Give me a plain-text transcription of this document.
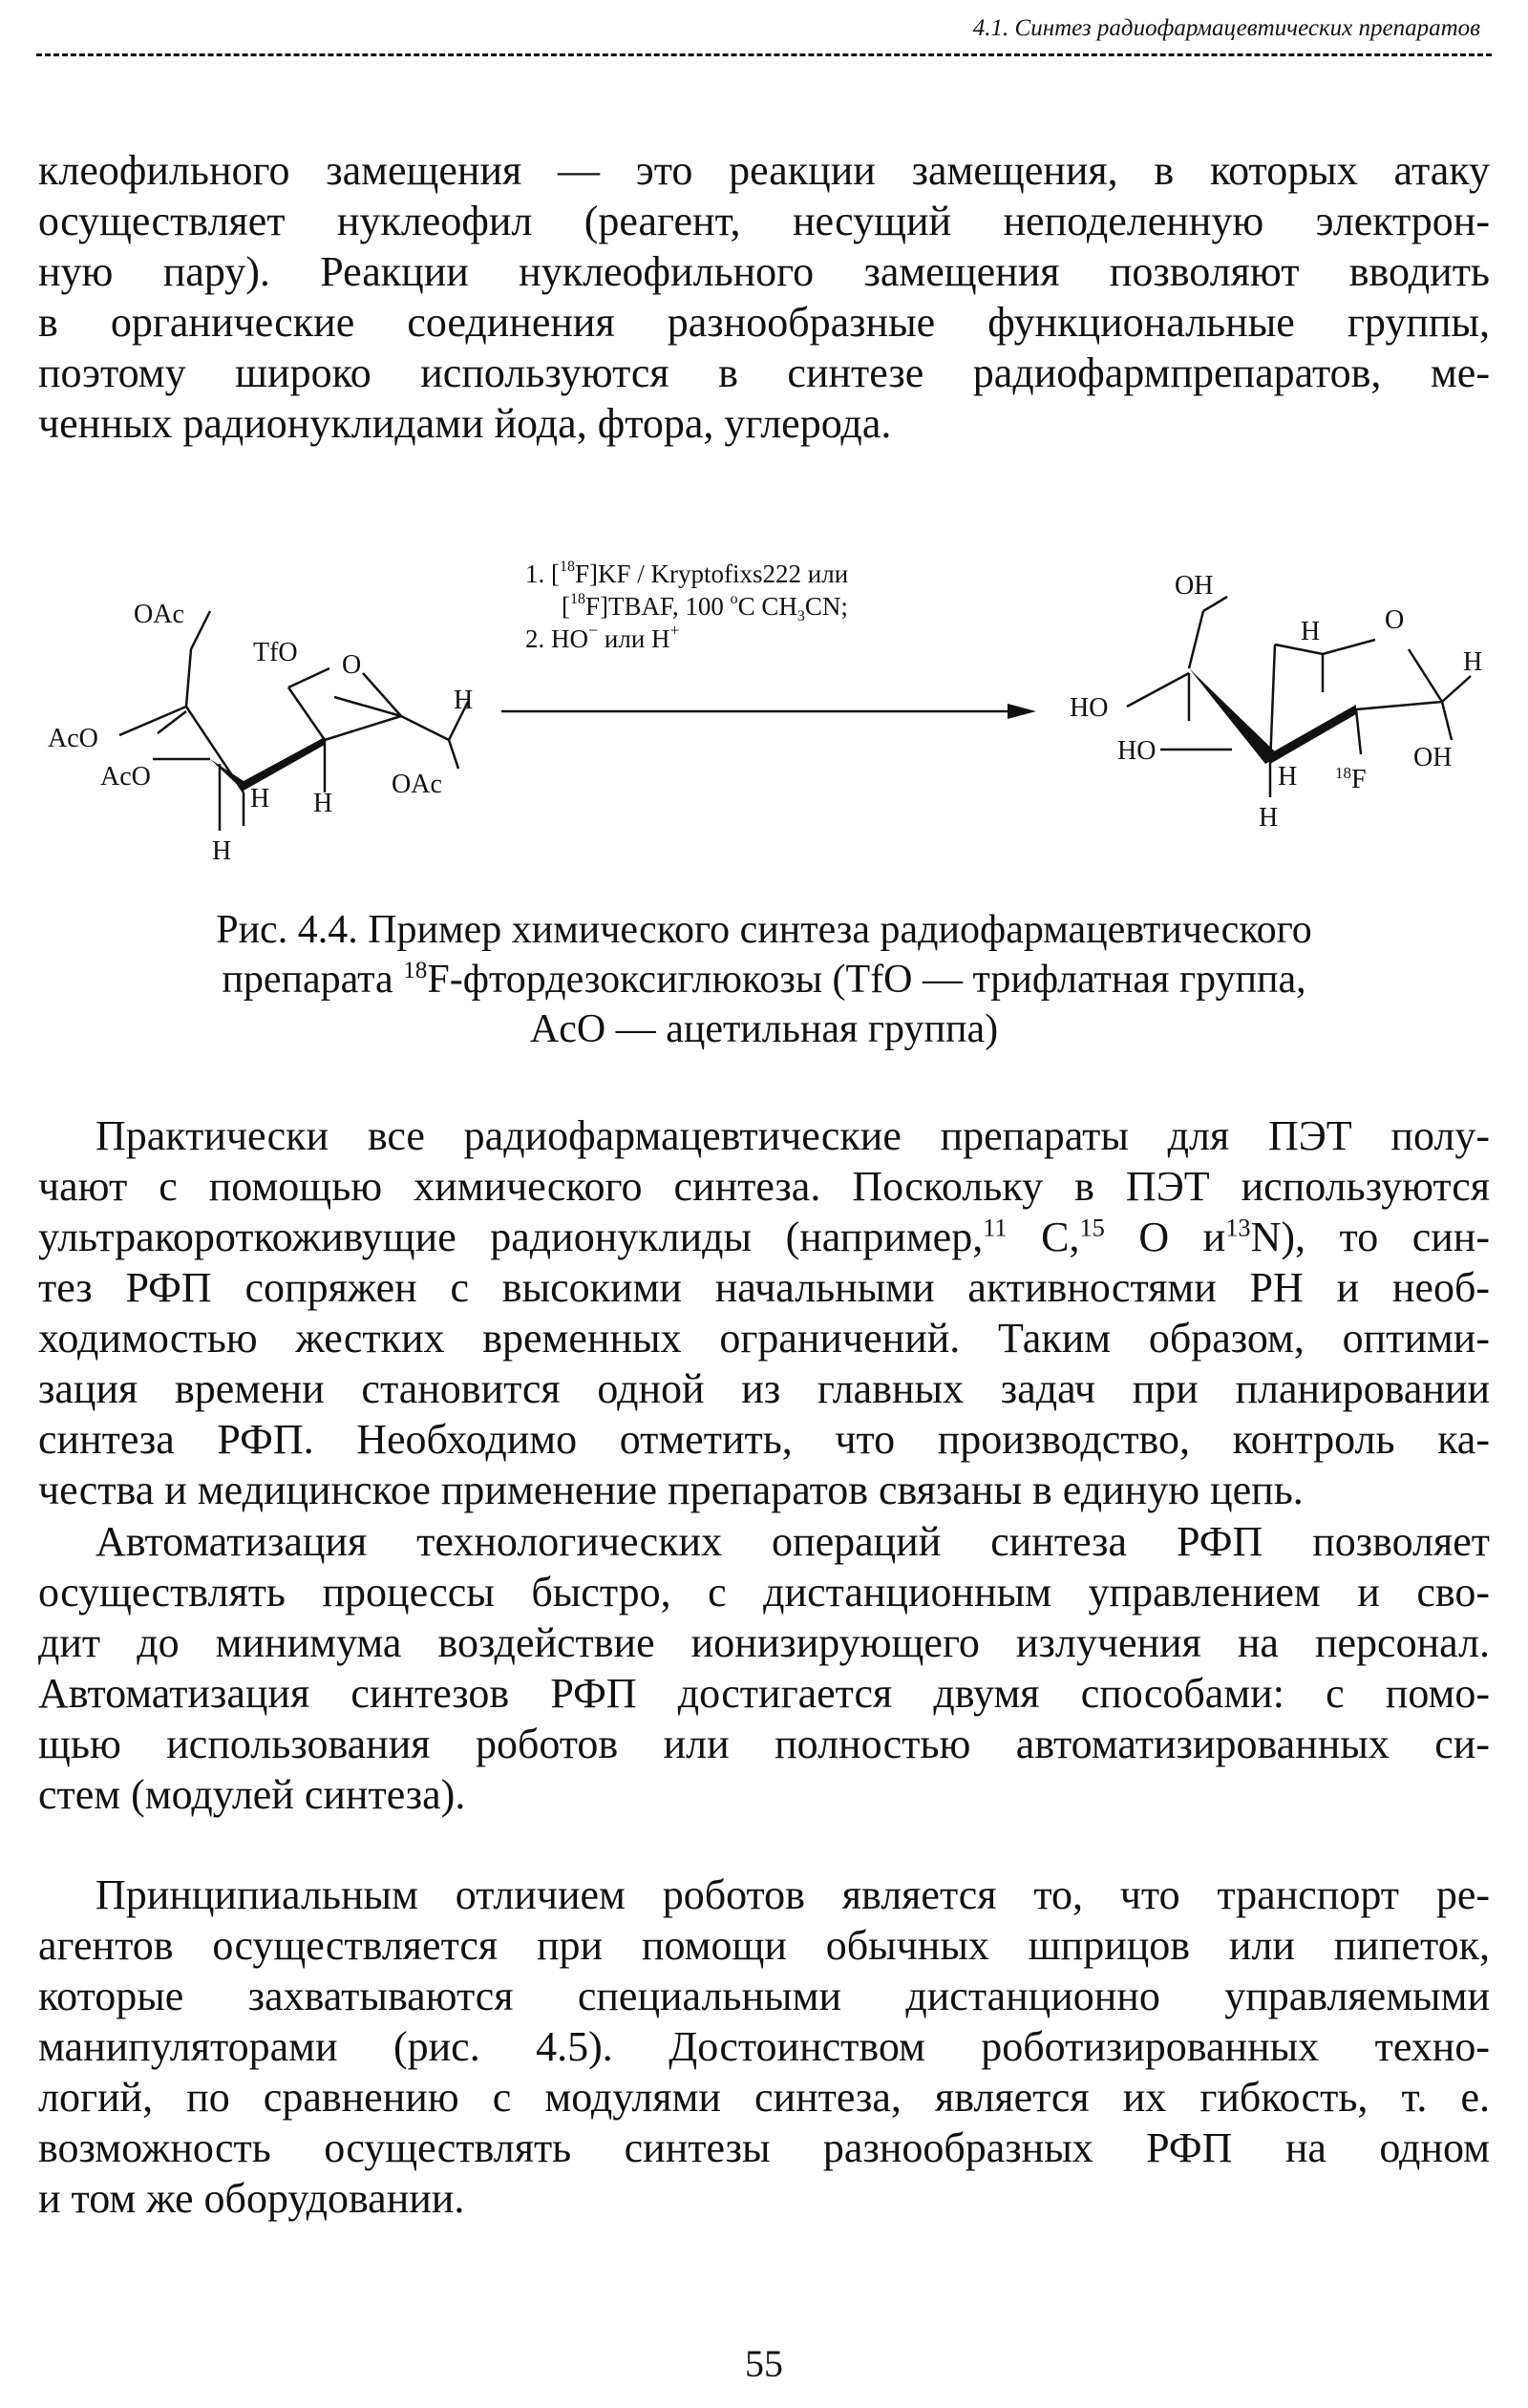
4.1. Синтез радиофармацевтических препаратов
клеофильного замещения — это реакции замещения, в которых атаку
осуществляет нуклеофил (реагент, несущий неподеленную электрон-
ную пару). Реакции нуклеофильного замещения позволяют вводить
в органические соединения разнообразные функциональные группы,
поэтому широко используются в синтезе радиофармпрепаратов, ме-
ченных радионуклидами йода, фтора, углерода.
OAc
TfO O
H
AcO
AcO
H H
OAc
H
1. [$^{18}$F]KF / Kryptofixs222 или
[$^{18}$F]TBAF, 100 $^o$C $CH_3CN$;
2. HO− или H+
OH
H O
H
HO
HO
H $^{18}$F
OH
H
Рис. 4.4. Пример химического синтеза радиофармацевтического
препарата $^{18}$F-фтордезоксиглюкозы (TfO — трифлатная группа,
AcO — ацетильная группа)
Практически все радиофармацевтические препараты для ПЭТ полу-
чают с помощью химического синтеза. Поскольку в ПЭТ используются
ультракороткоживущие радионуклиды (например,$^{11}$ C,$^{15}$ O $и^{13}N$), то син-
тез РФП сопряжен с высокими начальными активностями РН и необ-
ходимостью жестких временных ограничений. Таким образом, оптими-
зация времени становится одной из главных задач при планировании
синтеза РФП. Необходимо отметить, что производство, контроль ка-
чества и медицинское применение препаратов связаны в единую цепь.
Автоматизация технологических операций синтеза РФП позволяет
осуществлять процессы быстро, с дистанционным управлением и сво-
дит до минимума воздействие ионизирующего излучения на персонал.
Автоматизация синтезов РФП достигается двумя способами: с помо-
щью использования роботов или полностью автоматизированных си-
стем (модулей синтеза).
Принципиальным отличием роботов является то, что транспорт ре-
агентов осуществляется при помощи обычных шприцов или пипеток,
которые захватываются специальными дистанционно управляемыми
манипуляторами (рис. 4.5). Достоинством роботизированных техно-
логий, по сравнению с модулями синтеза, является их гибкость, т. е.
возможность осуществлять синтезы разнообразных РФП на одном
и том же оборудовании.
55
